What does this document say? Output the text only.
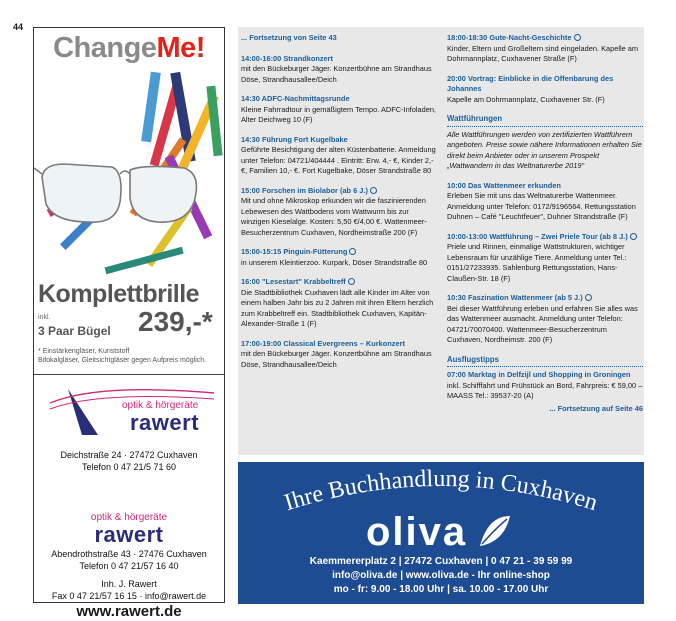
44
ChangeMe!
Komplettbrille
inkl.
3 Paar Bügel 239,-*
* Einstärkengläser, Kunststoff
Bifokalgläser, Gleitsichtgläser gegen Aufpreis möglich.
optik & hörgeräte
rawert
Deichstraße 24 · 27472 Cuxhaven
Telefon 0 47 21/5 71 60
optik & hörgeräte
rawert
Abendrothstraße 43 · 27476 Cuxhaven
Telefon 0 47 21/57 16 40
Inh. J. Rawert
Fax 0 47 21/57 16 15 · info@rawert.de
www.rawert.de
... Fortsetzung von Seite 43
14:00-16:00 Strandkonzert
mit den Bückeburger Jäger. Konzertbühne am Strandhaus Döse, Strandhausallee/Deich
14:30 ADFC-Nachmittagsrunde
Kleine Fahrradtour in gemäßigtem Tempo. ADFC-Infoladen, Alter Deichweg 10 (F)
14:30 Führung Fort Kugelbake
Geführte Besichtigung der alten Küstenbatterie. Anmeldung unter Telefon: 04721/404444 . Eintritt: Erw. 4,- €, Kinder 2,- €, Familien 10,- €. Fort Kugelbake, Döser Strandstraße 80
15:00 Forschen im Biolabor (ab 6 J.)
Mit und ohne Mikroskop erkunden wir die faszinierenden Lebewesen des Wattbodens vom Wattwurm bis zur winzigen Kieselalge. Kosten: 5,50 €/4,00 €. Wattenmeer-Besucherzentrum Cuxhaven, Nordheimstraße 200 (F)
15:00-15:15 Pinguin-Fütterung
in unserem Kleintierzoo. Kurpark, Döser Strandstraße 80
16:00 "Lesestart" Krabbeltreff
Die Stadtbibliothek Cuxhaven lädt alle Kinder im Alter von einem halben Jahr bis zu 2 Jahren mit ihren Eltern herzlich zum Krabbeltreff ein. Stadtbibliothek Cuxhaven, Kapitän-Alexander-Straße 1 (F)
17:00-19:00 Classical Evergreens – Kurkonzert
mit den Bückeburger Jäger. Konzertbühne am Strandhaus Döse, Strandhausallee/Deich
18:00-18:30 Gute-Nacht-Geschichte
Kinder, Eltern und Großeltern sind eingeladen. Kapelle am Dohrmannplatz, Cuxhavener Straße (F)
20:00 Vortrag: Einblicke in die Offenbarung des Johannes
Kapelle am Dohrmannplatz, Cuxhavener Str. (F)
Wattführungen
Alle Wattführungen werden von zertifizierten Wattführern angeboten. Preise sowie nähere Informationen erhalten Sie direkt beim Anbieter oder in unserem Prospekt „Wattwandern in das Weltnaturerbe 2019"
10:00 Das Wattenmeer erkunden
Erleben Sie mit uns das Weltnaturerbe Wattenmeer. Anmeldung unter Telefon: 0172/9196564. Rettungsstation Duhnen – Café "Leuchtfeuer", Duhner Strandstraße (F)
10:00-13:00 Wattführung – Zwei Priele Tour (ab 8 J.)
Priele und Rinnen, einmalige Wattstrukturen, wichtiger Lebensraum für unzählige Tiere. Anmeldung unter Tel.: 0151/27233935. Sahlenburg Rettungsstation, Hans-Claußen-Str. 18 (F)
10:30 Faszination Wattenmeer (ab 5 J.)
Bei dieser Wattführung erleben und erfahren Sie alles was das Wattenmeer ausmacht. Anmeldung unter Telefon: 04721/70070400. Wattenmeer-Besucherzentrum Cuxhaven, Nordheimstr. 200 (F)
Ausflugstipps
07:00 Marktag in Delfzijl und Shopping in Groningen inkl. Schifffahrt und Frühstück an Bord, Fahrpreis: € 59,00 – MAASS Tel.: 39537-20 (A)
... Fortsetzung auf Seite 46
Ihre Buchhandlung in Cuxhaven
oliva
Kaemmererplatz 2 | 27472 Cuxhaven | 0 47 21 - 39 59 99
info@oliva.de | www.oliva.de - Ihr online-shop
mo - fr: 9.00 - 18.00 Uhr | sa. 10.00 - 17.00 Uhr
